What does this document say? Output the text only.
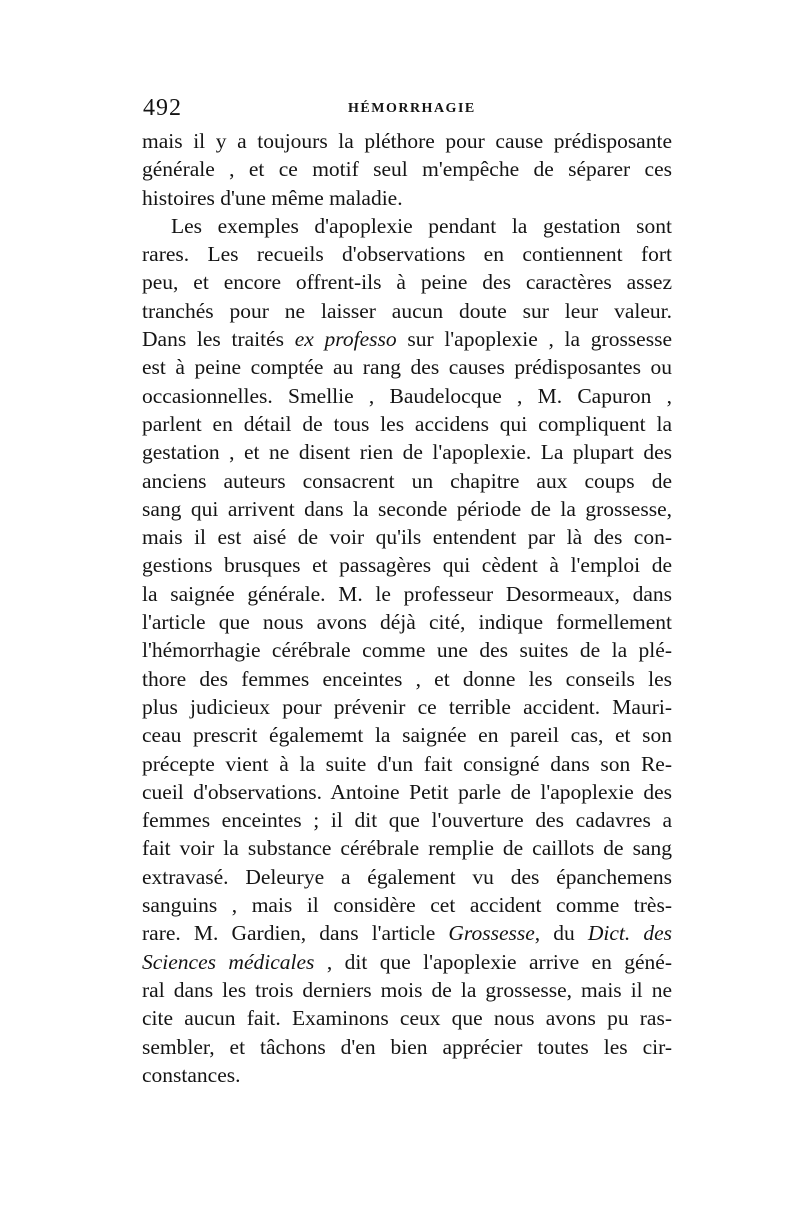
492	HÉMORRHAGIE
mais il y a toujours la pléthore pour cause prédisposante
générale , et ce motif seul m'empêche de séparer ces
histoires d'une même maladie.
Les exemples d'apoplexie pendant la gestation sont
rares. Les recueils d'observations en contiennent fort
peu, et encore offrent-ils à peine des caractères assez
tranchés pour ne laisser aucun doute sur leur valeur.
Dans les traités ex professo sur l'apoplexie , la grossesse
est à peine comptée au rang des causes prédisposantes ou
occasionnelles. Smellie , Baudelocque , M. Capuron ,
parlent en détail de tous les accidens qui compliquent la
gestation , et ne disent rien de l'apoplexie. La plupart des
anciens auteurs consacrent un chapitre aux coups de
sang qui arrivent dans la seconde période de la grossesse,
mais il est aisé de voir qu'ils entendent par là des con-
gestions brusques et passagères qui cèdent à l'emploi de
la saignée générale. M. le professeur Desormeaux, dans
l'article que nous avons déjà cité, indique formellement
l'hémorrhagie cérébrale comme une des suites de la plé-
thore des femmes enceintes , et donne les conseils les
plus judicieux pour prévenir ce terrible accident. Mauri-
ceau prescrit égalememt la saignée en pareil cas, et son
précepte vient à la suite d'un fait consigné dans son Re-
cueil d'observations. Antoine Petit parle de l'apoplexie des
femmes enceintes ; il dit que l'ouverture des cadavres a
fait voir la substance cérébrale remplie de caillots de sang
extravasé. Deleurye a également vu des épanchemens
sanguins , mais il considère cet accident comme très-
rare. M. Gardien, dans l'article Grossesse, du Dict. des
Sciences médicales , dit que l'apoplexie arrive en géné-
ral dans les trois derniers mois de la grossesse, mais il ne
cite aucun fait. Examinons ceux que nous avons pu ras-
sembler, et tâchons d'en bien apprécier toutes les cir-
constances.
